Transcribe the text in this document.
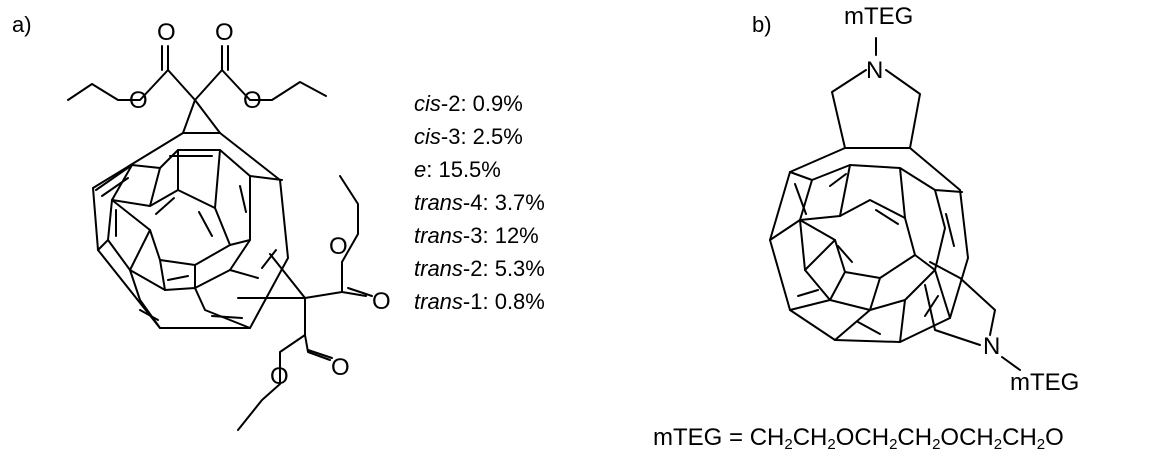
a)	b)
O O
O	O
O
O
O
O
N
mTEG
N
mTEG
cis-2: 0.9%
cis-3: 2.5%
e: 15.5%
trans-4: 3.7%
trans-3: 12%
trans-2: 5.3%
trans-1: 0.8%
mTEG = $CH_2CH_2OCH_2CH_2OCH_2CH_2O$
